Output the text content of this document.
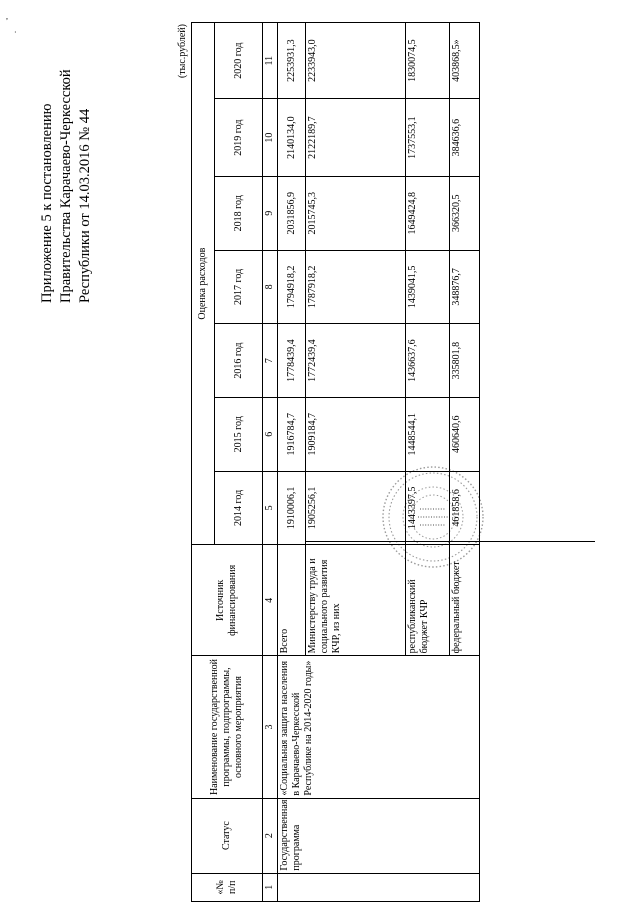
,
·
Приложение 5 к постановлению Правительства Карачаево-Черкесской Республики от 14.03.2016 № 44
(тыс.рублей)
«№ п/п	Статус	Наименование государственной программы, подпрограммы, основного мероприятия	Источник финансирования	Оценка расходов						
				2014 год	2015 год	2016 год	2017 год	2018 год	2019 год	2020 год
1	2	3	4	5	6	7	8	9	10	11
	Государственная программа	«Социальная защита населения в Карачаево-Черкесской Республике на 2014-2020 годы»	Всего	1910006,1	1916784,7	1778439,4	1794918,2	2031856,9	2140134,0	2253931,3
			Министерству труда и социального развития КЧР, из них	1905256,1	1909184,7	1772439,4	1787918,2	2015745,3	2122189,7	2233943,0
			республиканский бюджет КЧР	1443397,5	1448544,1	1436637,6	1439041,5	1649424,8	1737553,1	1830074,5
			федеральный бюджет	461858,6	460640,6	335801,8	348876,7	366320,5	384636,6	403868,5»
